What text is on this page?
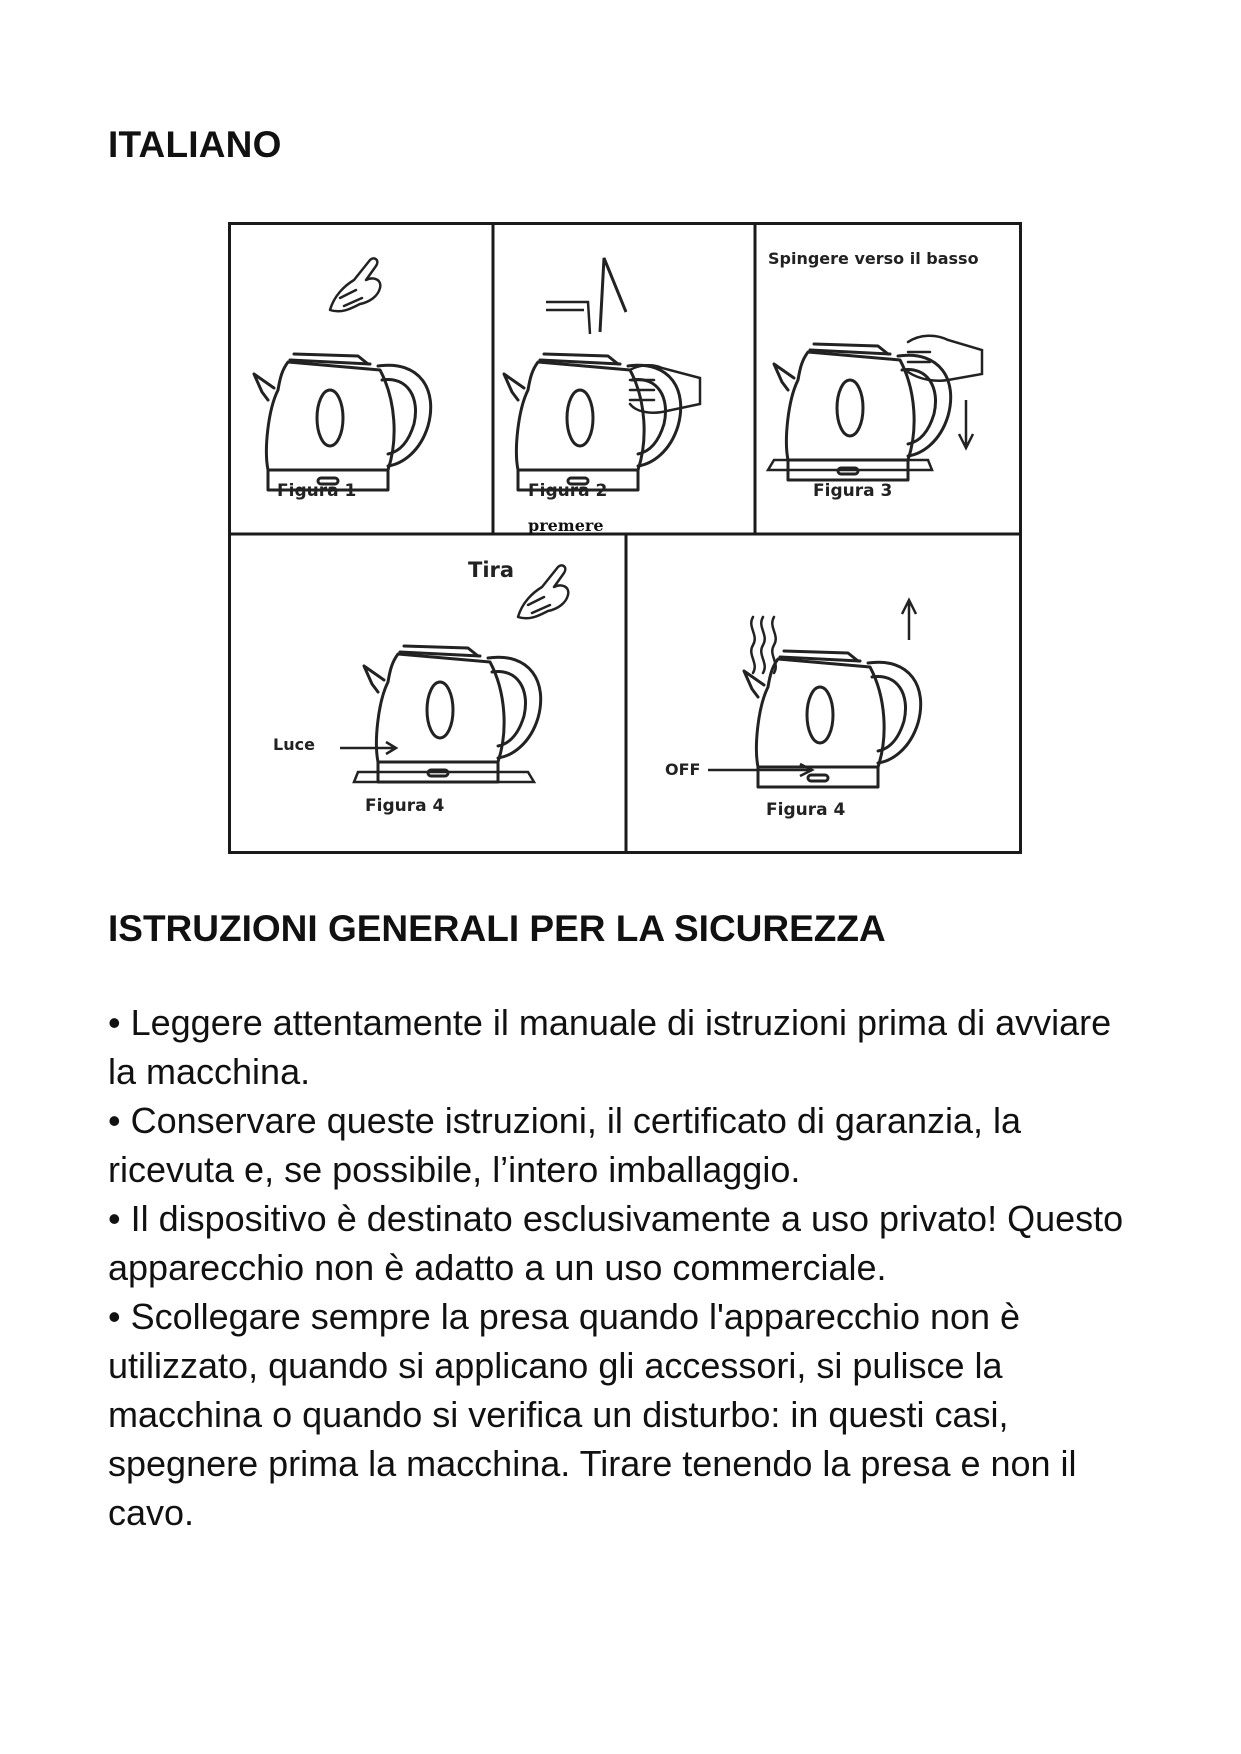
ITALIANO
Figura 1	Figura 2
premere
Spingere verso il basso
Figura 3
Tira
Luce
Figura 4
OFF
Figura 4
ISTRUZIONI GENERALI PER LA SICUREZZA

• Leggere attentamente il manuale di istruzioni prima di avviare la macchina.

• Conservare queste istruzioni, il certificato di garanzia, la ricevuta e, se possibile, l’intero imballaggio.

• Il dispositivo è destinato esclusivamente a uso privato! Questo apparecchio non è adatto a un uso commerciale.

• Scollegare sempre la presa quando l'apparecchio non è utilizzato, quando si applicano gli accessori, si pulisce la macchina o quando si verifica un disturbo: in questi casi, spegnere prima la macchina. Tirare tenendo la presa e non il cavo.
